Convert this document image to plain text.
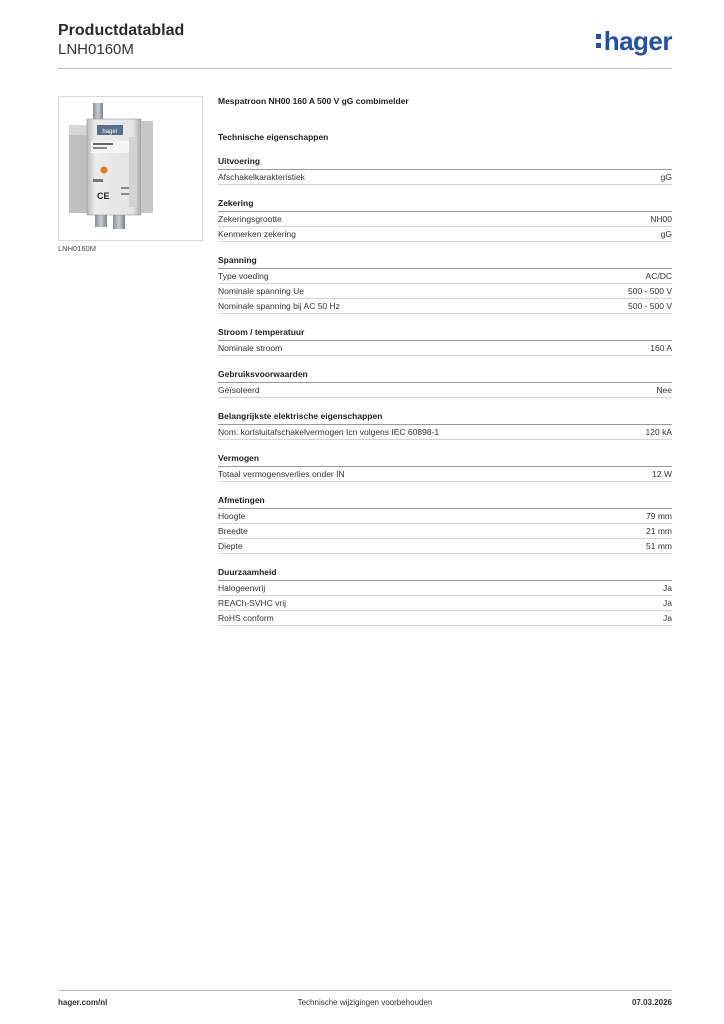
Productdatablad
LNH0160M	hager
hager
CE
LNH0160M
Mespatroon NH00 160 A 500 V gG combimelder
Technische eigenschappen
Uitvoering
Afschakelkarakteristiek	gG
Zekering
Zekeringsgrootte	NH00
Kenmerken zekering	gG
Spanning
Type voeding	AC/DC
Nominale spanning Ue	500 - 500 V
Nominale spanning bij AC 50 Hz	500 - 500 V
Stroom / temperatuur
Nominale stroom	160 A
Gebruiksvoorwaarden
Geïsoleerd	Nee
Belangrijkste elektrische eigenschappen
Nom. kortsluitafschakelvermogen Icn volgens IEC 60898-1	120 kA
Vermogen
Totaal vermogensverlies onder IN	12 W
Afmetingen
Hoogte	79 mm
Breedte	21 mm
Diepte	51 mm
Duurzaamheid
Halogeenvrij	Ja
REACh-SVHC vrij	Ja
RoHS conform	Ja
hager.com/nl	Technische wijzigingen voorbehouden	07.03.2026
